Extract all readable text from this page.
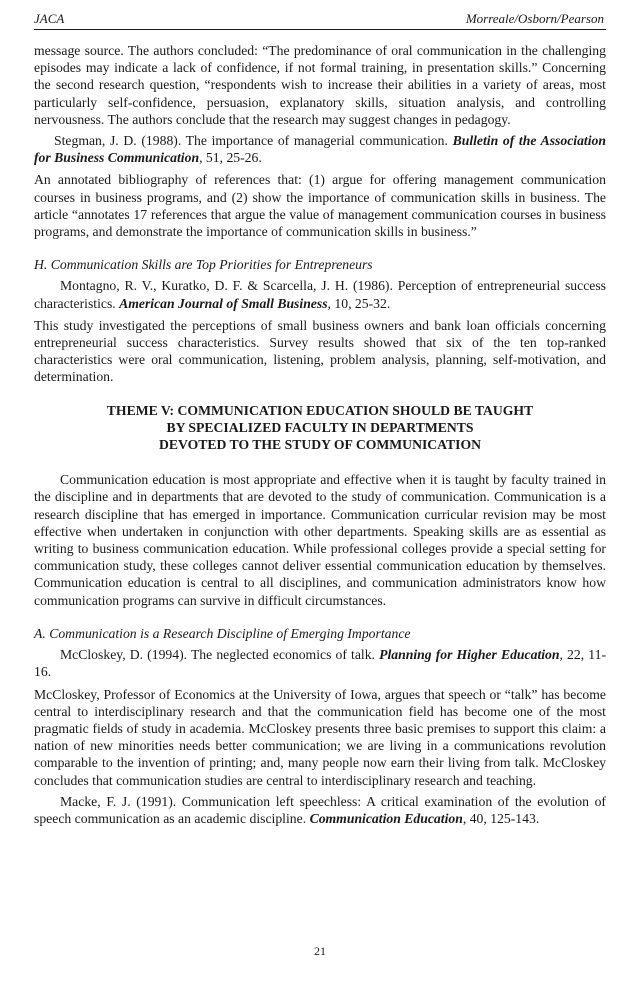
JACA	Morreale/Osborn/Pearson

message source. The authors concluded: “The predominance of oral communication in the challenging episodes may indicate a lack of confidence, if not formal training, in presentation skills.” Concerning the second research question, “respondents wish to increase their abilities in a variety of areas, most particularly self-confidence, persuasion, explanatory skills, situation analysis, and controlling nervousness. The authors conclude that the research may suggest changes in pedagogy.

Stegman, J. D. (1988). The importance of managerial communication. Bulletin of the Association for Business Communication, 51, 25-26.

An annotated bibliography of references that: (1) argue for offering management communication courses in business programs, and (2) show the importance of communication skills in business. The article “annotates 17 references that argue the value of management communication courses in business programs, and demonstrate the importance of communication skills in business.”

H. Communication Skills are Top Priorities for Entrepreneurs

Montagno, R. V., Kuratko, D. F. & Scarcella, J. H. (1986). Perception of entrepreneurial success characteristics. American Journal of Small Business, 10, 25-32.

This study investigated the perceptions of small business owners and bank loan officials concerning entrepreneurial success characteristics. Survey results showed that six of the ten top-ranked characteristics were oral communication, listening, problem analysis, planning, self-motivation, and determination.

THEME V: COMMUNICATION EDUCATION SHOULD BE TAUGHT
BY SPECIALIZED FACULTY IN DEPARTMENTS
DEVOTED TO THE STUDY OF COMMUNICATION

Communication education is most appropriate and effective when it is taught by faculty trained in the discipline and in departments that are devoted to the study of communication. Communication is a research discipline that has emerged in importance. Communication curricular revision may be most effective when undertaken in conjunction with other departments. Speaking skills are as essential as writing to business communication education. While professional colleges provide a special setting for communication study, these colleges cannot deliver essential communication education by themselves. Communication education is central to all disciplines, and communication administrators know how communication programs can survive in difficult circumstances.

A. Communication is a Research Discipline of Emerging Importance

McCloskey, D. (1994). The neglected economics of talk. Planning for Higher Education, 22, 11-16.

McCloskey, Professor of Economics at the University of Iowa, argues that speech or “talk” has become central to interdisciplinary research and that the communication field has become one of the most pragmatic fields of study in academia. McCloskey presents three basic premises to support this claim: a nation of new minorities needs better communication; we are living in a communications revolution comparable to the invention of printing; and, many people now earn their living from talk. McCloskey concludes that communication studies are central to interdisciplinary research and teaching.

Macke, F. J. (1991). Communication left speechless: A critical examination of the evolution of speech communication as an academic discipline. Communication Education, 40, 125-143.

21
